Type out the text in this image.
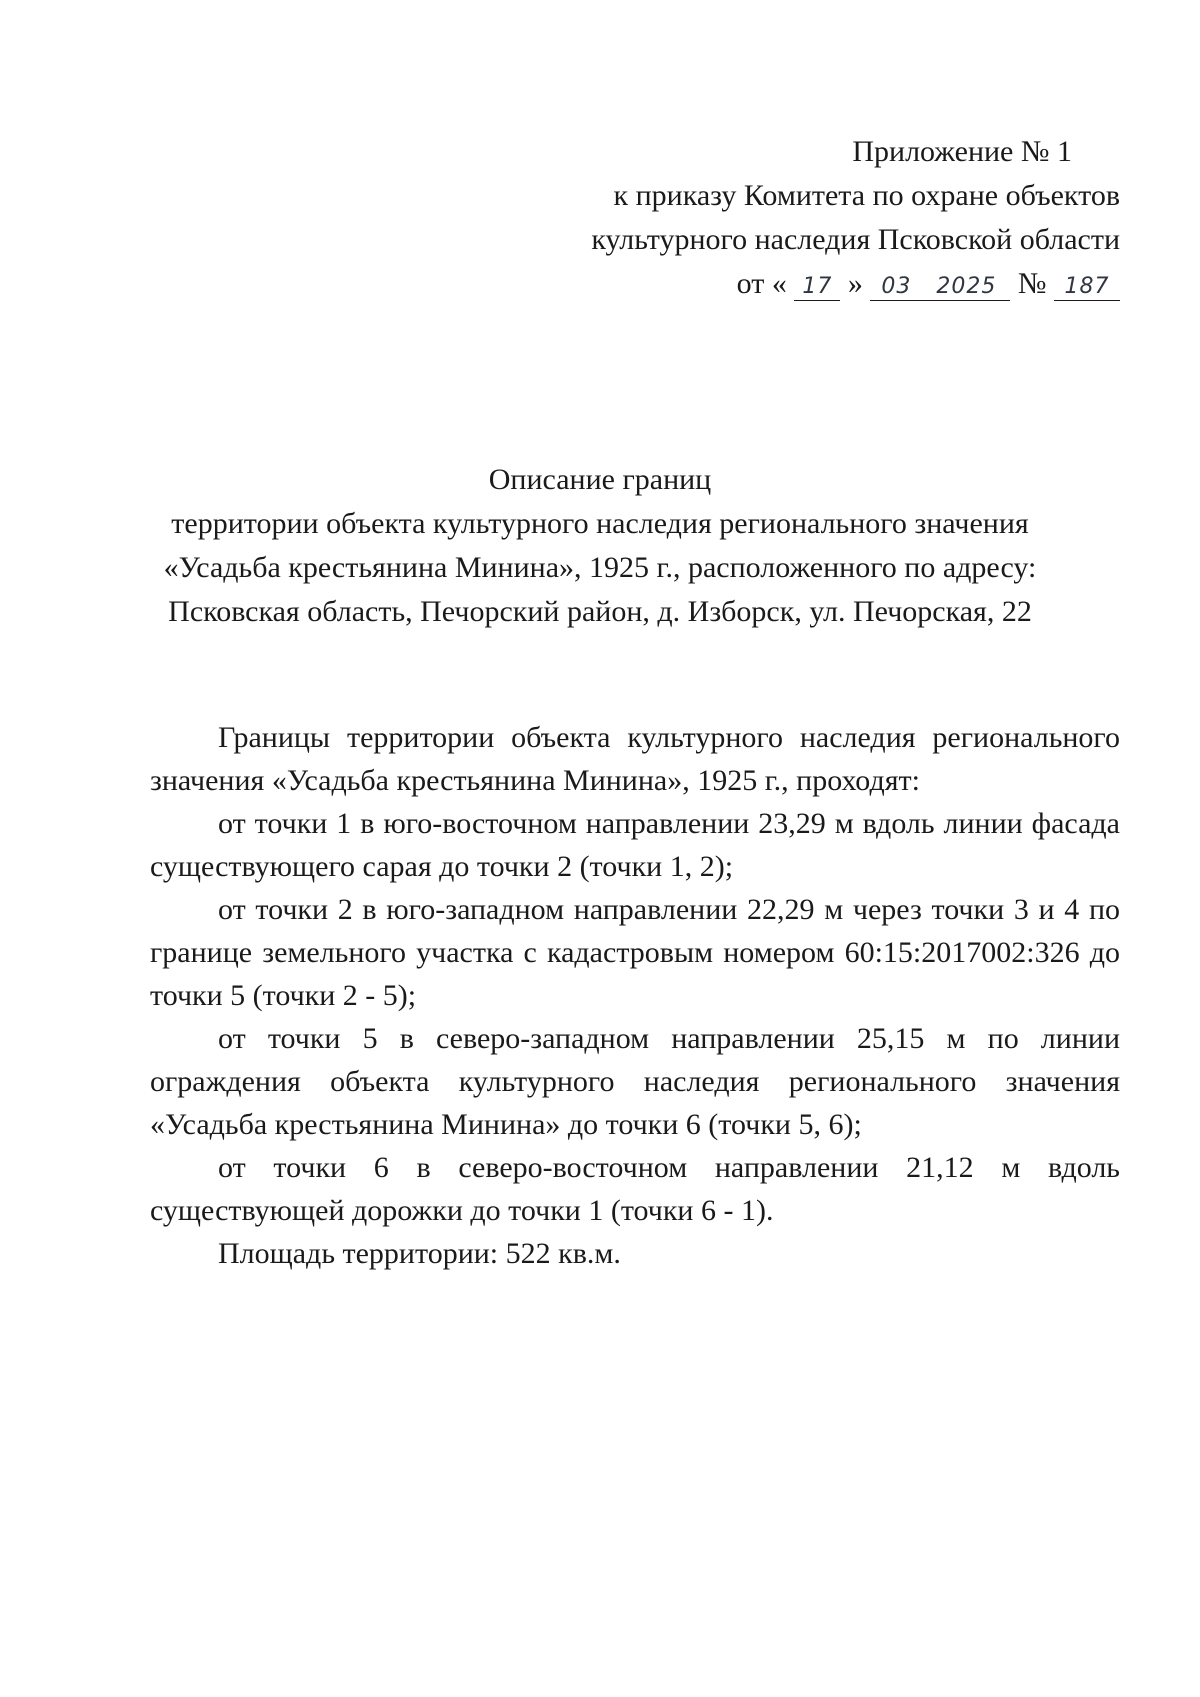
Приложение № 1
к приказу Комитета по охране объектов
культурного наследия Псковской области
от « 17 » 03 2025 № 187
Описание границ
территории объекта культурного наследия регионального значения
«Усадьба крестьянина Минина», 1925 г., расположенного по адресу:
Псковская область, Печорский район, д. Изборск, ул. Печорская, 22

Границы территории объекта культурного наследия регионального значения «Усадьба крестьянина Минина», 1925 г., проходят:

от точки 1 в юго-восточном направлении 23,29 м вдоль линии фасада существующего сарая до точки 2 (точки 1, 2);

от точки 2 в юго-западном направлении 22,29 м через точки 3 и 4 по границе земельного участка с кадастровым номером 60:15:2017002:326 до точки 5 (точки 2 - 5);

от точки 5 в северо-западном направлении 25,15 м по линии ограждения объекта культурного наследия регионального значения «Усадьба крестьянина Минина» до точки 6 (точки 5, 6);

от точки 6 в северо-восточном направлении 21,12 м вдоль существующей дорожки до точки 1 (точки 6 - 1).

Площадь территории: 522 кв.м.
